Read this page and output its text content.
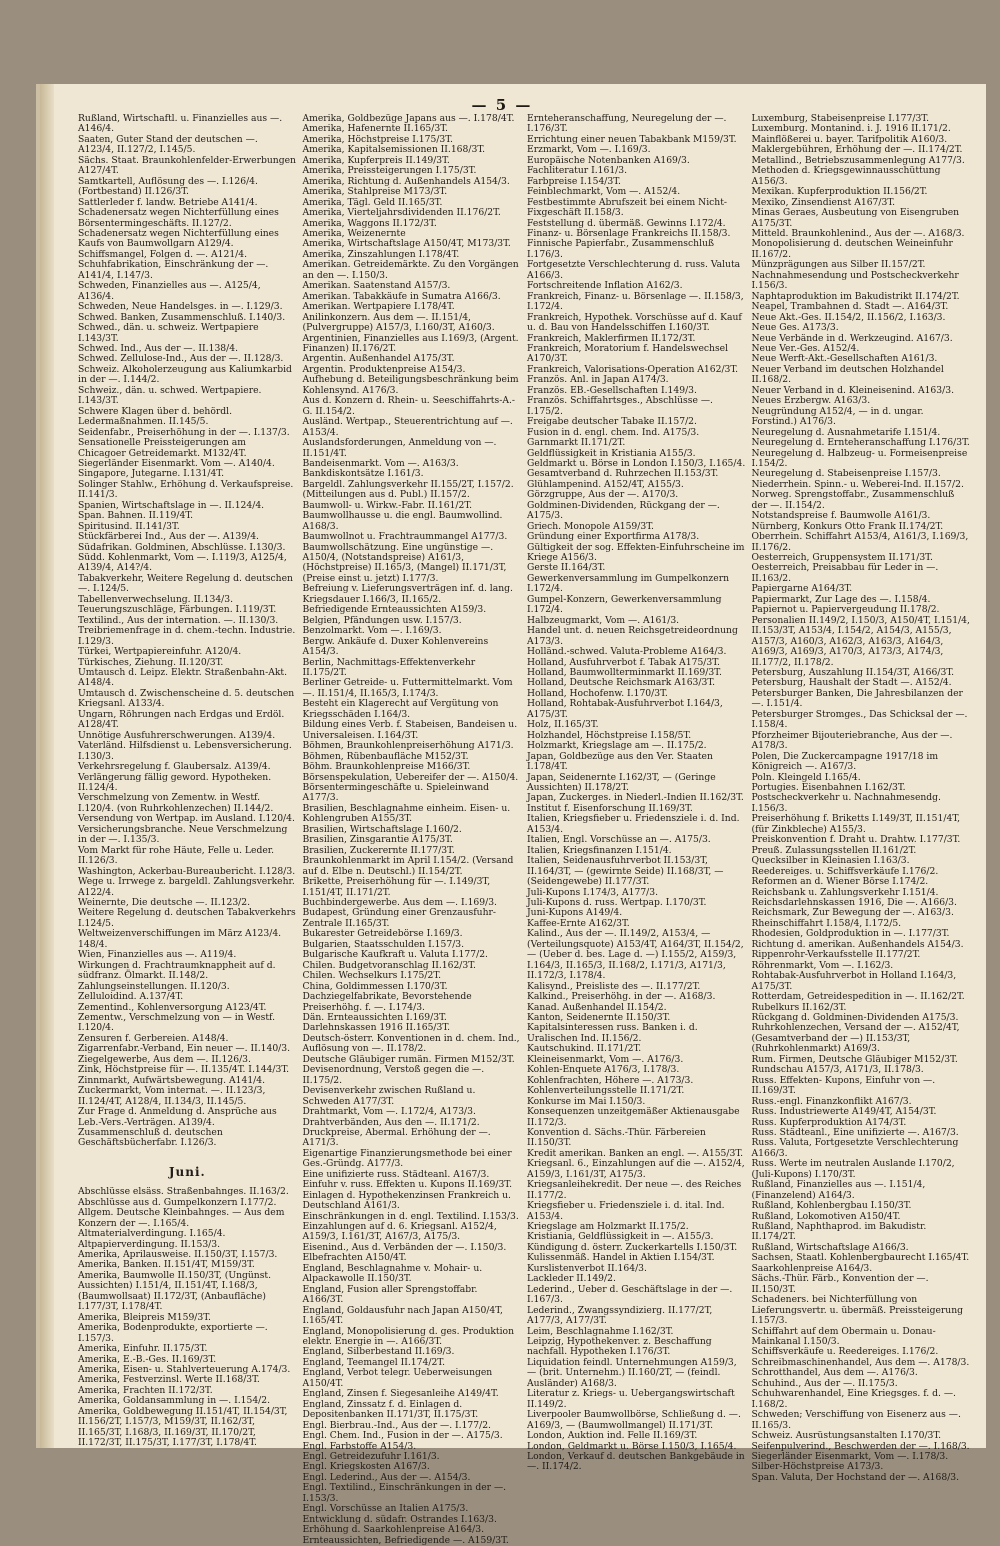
— 5 —

Rußland, Wirtschaftl. u. Finanzielles aus —. A146/4.

Saaten, Guter Stand der deutschen —. A123/4, II.127/2, I.145/5.

Sächs. Staat. Braunkohlenfelder-Erwerbungen A127/4T.

Samtkartell, Auflösung des —. I.126/4. (Fortbestand) II.126/3T.

Sattlerleder f. landw. Betriebe A141/4.

Schadenersatz wegen Nichterfüllung eines Börsentermingeschäfts. II.127/2.

Schadenersatz wegen Nichterfüllung eines Kaufs von Baumwollgarn A129/4.

Schiffsmangel, Folgen d. —. A121/4.

Schuhfabrikation, Einschränkung der —. A141/4, I.147/3.

Schweden, Finanzielles aus —. A125/4, A136/4.

Schweden, Neue Handelsges. in —. I.129/3.

Schwed. Banken, Zusammenschluß. I.140/3.

Schwed., dän. u. schweiz. Wertpapiere I.143/3T.

Schwed. Ind., Aus der —. II.138/4.

Schwed. Zellulose-Ind., Aus der —. II.128/3.

Schweiz. Alkoholerzeugung aus Kaliumkarbid in der —. I.144/2.

Schweiz., dän. u. schwed. Wertpapiere. I.143/3T.

Schwere Klagen über d. behördl. Ledermaßnahmen. II.145/5.

Seidenfabr., Preiserhöhung in der —. I.137/3.

Sensationelle Preissteigerungen am Chicagoer Getreidemarkt. M132/4T.

Siegerländer Eisenmarkt. Vom —. A140/4.

Singapore, Jutegarne. I.131/4T.

Solinger Stahlw., Erhöhung d. Verkaufspreise. II.141/3.

Spanien, Wirtschaftslage in —. II.124/4.

Span. Bahnen. II.119/4T.

Spiritusind. II.141/3T.

Stückfärberei Ind., Aus der —. A139/4.

Südafrikan. Goldminen, Abschlüsse. I.130/3.

Südd. Kohlenmarkt, Vom —. I.119/3, A125/4, A139/4, A14?/4.

Tabakverkehr, Weitere Regelung d. deutschen —. I.124/5.

Tabellenverwechselung. II.134/3.

Teuerungszuschläge, Färbungen. I.119/3T.

Textilind., Aus der internation. —. II.130/3.

Treibriemenfrage in d. chem.-techn. Industrie. I.129/3.

Türkei, Wertpapiereinfuhr. A120/4.

Türkisches, Ziehung. II.120/3T.

Umtausch d. Leipz. Elektr. Straßenbahn-Akt. A148/4.

Umtausch d. Zwischenscheine d. 5. deutschen Kriegsanl. A133/4.

Ungarn, Röhrungen nach Erdgas und Erdöl. A128/4T.

Unnötige Ausfuhrerschwerungen. A139/4.

Vaterländ. Hilfsdienst u. Lebensversicherung. I.130/3.

Verkehrsregelung f. Glaubersalz. A139/4.

Verlängerung fällig geword. Hypotheken. II.124/4.

Verschmelzung von Zementw. in Westf. I.120/4. (von Ruhrkohlenzechen) II.144/2.

Versendung von Wertpap. im Ausland. I.120/4.

Versicherungsbranche. Neue Verschmelzung in der —. I.135/3.

Vom Markt für rohe Häute, Felle u. Leder. II.126/3.

Washington, Ackerbau-Bureaubericht. I.128/3.

Wege u. Irrwege z. bargeldl. Zahlungsverkehr. A122/4.

Weinernte, Die deutsche —. II.123/2.

Weitere Regelung d. deutschen Tabakverkehrs I.124/5.

Weltweizenverschiffungen im März A123/4. 148/4.

Wien, Finanzielles aus —. A119/4.

Wirkungen d. Frachtraumknappheit auf d. südfranz. Ölmarkt. II.148/2.

Zahlungseinstellungen. II.120/3.

Zelluloidind. A.137/4T.

Zementind., Kohlenversorgung A123/4T.

Zementw., Verschmelzung von — in Westf. I.120/4.

Zensuren f. Gerbereien. A148/4.

Zigarrenfabr.-Verband, Ein neuer —. II.140/3.

Ziegelgewerbe, Aus dem —. II.126/3.

Zink, Höchstpreise für —. II.135/4T. I.144/3T.

Zinnmarkt, Aufwärtsbewegung. A141/4.

Zuckermarkt, Vom internat. —. II.123/3, II.124/4T, A128/4, II.134/3, II.145/5.

Zur Frage d. Anmeldung d. Ansprüche aus Leb.-Vers.-Verträgen. A139/4.

Zusammenschluß d. deutschen Geschäftsbücherfabr. I.126/3.

Juni.

Abschlüsse elsäss. Straßenbahnges. II.163/2.

Abschlüsse aus d. Gumpelkonzern I.177/2.

Allgem. Deutsche Kleinbahnges. — Aus dem Konzern der —. I.165/4.

Altmaterialverdingung. I.165/4.

Altpapierverdingung. II.153/3.

Amerika, Aprilausweise. II.150/3T, I.157/3.

Amerika, Banken. II.151/4T, M159/3T.

Amerika, Baumwolle II.150/3T, (Ungünst. Aussichten) I.151/4, II.151/4T, I.168/3, (Baumwollsaat) II.172/3T, (Anbaufläche) I.177/3T, I.178/4T.

Amerika, Bleipreis M159/3T.

Amerika, Bodenprodukte, exportierte —. I.157/3.

Amerika, Einfuhr. II.175/3T.

Amerika, E.-B.-Ges. II.169/3T.

Amerika, Eisen- u. Stahlverteuerung A.174/3.

Amerika, Festverzinsl. Werte II.168/3T.

Amerika, Frachten II.172/3T.

Amerika, Goldansammlung in —. I.154/2.

Amerika, Goldbewegung II.151/4T, II.154/3T, II.156/2T, I.157/3, M159/3T, II.162/3T, II.165/3T, I.168/3, II.169/3T, II.170/2T, II.172/3T, II.175/3T, I.177/3T, I.178/4T.

Amerika, Goldbezüge Japans aus —. I.178/4T.

Amerika, Hafenernte II.165/3T.

Amerika, Höchstpreise I.175/3T.

Amerika, Kapitalsemissionen II.168/3T.

Amerika, Kupferpreis II.149/3T.

Amerika, Preissteigerungen I.175/3T.

Amerika, Richtung d. Außenhandels A154/3.

Amerika, Stahlpreise M173/3T.

Amerika, Tägl. Geld II.165/3T.

Amerika, Vierteljahrsdividenden II.176/2T.

Amerika, Waggons II.172/3T.

Amerika, Weizenernte

Amerika, Wirtschaftslage A150/4T, M173/3T.

Amerika, Zinszahlungen I.178/4T.

Amerikan. Getreidemärkte. Zu den Vorgängen an den —. I.150/3.

Amerikan. Saatenstand A157/3.

Amerikan. Tabakkäufe in Sumatra A166/3.

Amerikan. Wertpapiere I.178/4T.

Anilinkonzern. Aus dem —. II.151/4, (Pulvergruppe) A157/3, I.160/3T, A160/3.

Argentinien, Finanzielles aus I.169/3, (Argent. Finanzen) II.176/2T.

Argentin. Außenhandel A175/3T.

Argentin. Produktenpreise A154/3.

Aufhebung d. Beteiligungsbeschränkung beim Kohlensynd. A176/3.

Aus d. Konzern d. Rhein- u. Seeschiffahrts-A.-G. II.154/2.

Ausländ. Wertpap., Steuerentrichtung auf —. A153/4.

Auslandsforderungen, Anmeldung von —. II.151/4T.

Bandeisenmarkt. Vom —. A163/3.

Bankdiskontsätze I.161/3.

Bargeldl. Zahlungsverkehr II.155/2T, I.157/2. (Mitteilungen aus d. Publ.) II.157/2.

Baumwoll- u. Wirkw.-Fabr. II.161/2T.

Baumwollhausse u. die engl. Baumwollind. A168/3.

Baumwollnot u. Frachtraummangel A177/3.

Baumwollschätzung. Eine ungünstige —. A150/4, (Notstandspreise) A161/3, (Höchstpreise) II.165/3, (Mangel) II.171/3T, (Preise einst u. jetzt) I.177/3.

Befreiung v. Lieferungsverträgen inf. d. lang. Kriegsdauer I.166/3, II.165/2.

Befriedigende Ernteaussichten A159/3.

Belgien, Pfändungen usw. I.157/3.

Benzolmarkt. Vom —. I.169/3.

Bergw. Ankäufe d. Duxer Kohlenvereins A154/3.

Berlin, Nachmittags-Effektenverkehr II.175/2T.

Berliner Getreide- u. Futtermittelmarkt. Vom —. II.151/4, II.165/3, I.174/3.

Besteht ein Klagerecht auf Vergütung von Kriegsschäden I.164/3.

Bildung eines Verb. f. Stabeisen, Bandeisen u. Universaleisen. I.164/3T.

Böhmen, Braunkohlenpreiserhöhung A171/3.

Böhmen, Rübenbaufläche M152/3T.

Böhm. Braunkohlenpreise M166/3T.

Börsenspekulation, Uebereifer der —. A150/4.

Börsentermingeschäfte u. Spieleinwand A177/3.

Brasilien, Beschlagnahme einheim. Eisen- u. Kohlengruben A155/3T.

Brasilien, Wirtschaftslage I.160/2.

Brasilien, Zinsgarantie A175/3T.

Brasilien, Zuckerernte II.177/3T.

Braunkohlenmarkt im April I.154/2. (Versand auf d. Elbe n. Deutschl.) II.154/2T.

Brikette, Preiserhöhung für —. I.149/3T, I.151/4T, II.171/2T.

Buchbindergewerbe. Aus dem —. I.169/3.

Budapest, Gründung einer Grenzausfuhr-Zentrale II.165/3T.

Bukarester Getreidebörse I.169/3.

Bulgarien, Staatsschulden I.157/3.

Bulgarische Kaufkraft u. Valuta I.177/2.

Chilen. Budgetvoranschlag II.162/3T.

Chilen. Wechselkurs I.175/2T.

China, Goldimmessen I.170/3T.

Dachziegelfabrikate, Bevorstehende Preiserhöhg. f. —. I.174/3.

Dän. Ernteaussichten I.169/3T.

Darlehnskassen 1916 II.165/3T.

Deutsch-österr. Konventionen in d. chem. Ind., Auflösung von —. II.178/2.

Deutsche Gläubiger rumän. Firmen M152/3T.

Devisenordnung, Verstoß gegen die —. II.175/2.

Devisenverkehr zwischen Rußland u. Schweden A177/3T.

Drahtmarkt, Vom —. I.172/4, A173/3.

Drahtverbänden, Aus den —. II.171/2.

Druckpreise, Abermal. Erhöhung der —. A171/3.

Eigenartige Finanzierungsmethode bei einer Ges.-Gründg. A177/3.

Eine unifizierte russ. Städteanl. A167/3.

Einfuhr v. russ. Effekten u. Kupons II.169/3T.

Einlagen d. Hypothekenzinsen Frankreich u. Deutschland A161/3.

Einschränkungen in d. engl. Textilind. I.153/3.

Einzahlungen auf d. 6. Kriegsanl. A152/4, A159/3, I.161/3T, A167/3, A175/3.

Eisenind., Aus d. Verbänden der —. I.150/3.

Elbefrachten A150/4T.

England, Beschlagnahme v. Mohair- u. Alpackawolle II.150/3T.

England, Fusion aller Sprengstoffabr. A166/3T.

England, Goldausfuhr nach Japan A150/4T, I.165/4T.

England, Monopolisierung d. ges. Produktion elektr. Energie in —. A166/3T.

England, Silberbestand II.169/3.

England, Teemangel II.174/2T.

England, Verbot telegr. Ueberweisungen A150/4T.

England, Zinsen f. Siegesanleihe A149/4T.

England, Zinssatz f. d. Einlagen d. Depositenbanken II.171/3T, II.175/3T.

Engl. Bierbrau.-Ind., Aus der —. I.177/2.

Engl. Chem. Ind., Fusion in der —. A175/3.

Engl. Farbstoffe A154/3.

Engl. Getreidezufuhr I.161/3.

Engl. Kriegskosten A167/3.

Engl. Lederind., Aus der —. A154/3.

Engl. Textilind., Einschränkungen in der —. I.153/3.

Engl. Vorschüsse an Italien A175/3.

Entwicklung d. südafr. Ostrandes I.163/3.

Erhöhung d. Saarkohlenpreise A164/3.

Ernteaussichten, Befriedigende —. A159/3T.

Ernteheranschaffung, Neuregelung der —. I.176/3T.

Errichtung einer neuen Tabakbank M159/3T.

Erzmarkt, Vom —. I.169/3.

Europäische Notenbanken A169/3.

Fachliteratur I.161/3.

Farbpreise I.154/3T.

Feinblechmarkt, Vom —. A152/4.

Festbestimmte Abrufszeit bei einem Nicht-Fixgeschäft II.158/3.

Feststellung d. übermäß. Gewinns I.172/4.

Finanz- u. Börsenlage Frankreichs II.158/3.

Finnische Papierfabr., Zusammenschluß I.176/3.

Fortgesetzte Verschlechterung d. russ. Valuta A166/3.

Fortschreitende Inflation A162/3.

Frankreich, Finanz- u. Börsenlage —. II.158/3, I.172/4.

Frankreich, Hypothek. Vorschüsse auf d. Kauf u. d. Bau von Handelsschiffen I.160/3T.

Frankreich, Maklerfirmen II.172/3T.

Frankreich, Moratorium f. Handelswechsel A170/3T.

Frankreich, Valorisations-Operation A162/3T.

Französ. Anl. in Japan A174/3.

Französ. EB.-Gesellschaften I.149/3.

Französ. Schiffahrtsges., Abschlüsse —. I.175/2.

Freigabe deutscher Tabake II.157/2.

Fusion in d. engl. chem. Ind. A175/3.

Garnmarkt II.171/2T.

Geldflüssigkeit in Kristiania A155/3.

Geldmarkt u. Börse in London I.150/3, I.165/4.

Gesamtverband d. Ruhrzechen II.153/3T.

Glühlampenind. A152/4T, A155/3.

Görzgruppe, Aus der —. A170/3.

Goldminen-Dividenden, Rückgang der —. A175/3.

Griech. Monopole A159/3T.

Gründung einer Exportfirma A178/3.

Gültigkeit der sog. Effekten-Einfuhrscheine im Kriege A156/3.

Gerste II.164/3T.

Gewerkenversammlung im Gumpelkonzern I.172/4.

Gumpel-Konzern, Gewerkenversammlung I.172/4.

Halbzeugmarkt, Vom —. A161/3.

Handel unt. d. neuen Reichsgetreideordnung A173/3.

Holländ.-schwed. Valuta-Probleme A164/3.

Holland, Ausfuhrverbot f. Tabak A175/3T.

Holland, Baumwollterminmarkt II.169/3T.

Holland, Deutsche Reichsmark A163/3T.

Holland, Hochofenw. I.170/3T.

Holland, Rohtabak-Ausfuhrverbot I.164/3, A175/3T.

Holz, II.165/3T.

Holzhandel, Höchstpreise I.158/5T.

Holzmarkt, Kriegslage am —. II.175/2.

Japan, Goldbezüge aus den Ver. Staaten I.178/4T.

Japan, Seidenernte I.162/3T, — (Geringe Aussichten) II.178/2T.

Japan, Zuckerges. in Niederl.-Indien II.162/3T.

Institut f. Eisenforschung II.169/3T.

Italien, Kriegsfieber u. Friedensziele i. d. Ind. A153/4.

Italien, Engl. Vorschüsse an —. A175/3.

Italien, Kriegsfinanzen I.151/4.

Italien, Seidenausfuhrverbot II.153/3T, II.164/3T, — (gewirnte Seide) II.168/3T, — (Seidengewebe) II.177/3T.

Juli-Kupons I.174/3, A177/3.

Juli-Kupons d. russ. Wertpap. I.170/3T.

Juni-Kupons A149/4.

Kaffee-Ernte A162/3T.

Kalind., Aus der —. II.149/2, A153/4, — (Verteilungsquote) A153/4T, A164/3T, II.154/2, — (Ueber d. bes. Lage d. —) I.155/2, A159/3, I.164/3, II.165/3, II.168/2, I.171/3, A171/3, II.172/3, I.178/4.

Kalisynd., Preisliste des —. II.177/2T.

Kalkind., Preiserhöhg. in der —. A168/3.

Kanad. Außenhandel II.154/2.

Kanton, Seidenernte II.150/3T.

Kapitalsinteressen russ. Banken i. d. Uralischen Ind. II.156/2.

Kautschukind. II.171/2T.

Kleineisenmarkt, Vom —. A176/3.

Kohlen-Enquete A176/3, I.178/3.

Kohlenfrachten, Höhere —. A173/3.

Kohlenverteilungsstelle II.171/2T.

Konkurse im Mai I.150/3.

Konsequenzen unzeitgemäßer Aktienausgabe II.172/3.

Konvention d. Sächs.-Thür. Färbereien II.150/3T.

Kredit amerikan. Banken an engl. —. A155/3T.

Kriegsanl. 6., Einzahlungen auf die —. A152/4, A159/3, I.161/3T, A175/3.

Kriegsanleihekredit. Der neue —. des Reiches II.177/2.

Kriegsfieber u. Friedensziele i. d. ital. Ind. A153/4.

Kriegslage am Holzmarkt II.175/2.

Kristiania, Geldflüssigkeit in —. A155/3.

Kündigung d. österr. Zuckerkartells I.150/3T.

Kulissenmäß. Handel in Aktien I.154/3T.

Kurslistenverbot II.164/3.

Lackleder II.149/2.

Lederind., Ueber d. Geschäftslage in der —. I.167/3.

Lederind., Zwangssyndizierg. II.177/2T, A177/3, A177/3T.

Leim, Beschlagnahme I.162/3T.

Leipzig, Hypothekenver. z. Beschaffung nachfall. Hypotheken I.176/3T.

Liquidation feindl. Unternehmungen A159/3, — (brit. Unternehm.) II.160/2T, — (feindl. Ausländer) A168/3.

Literatur z. Kriegs- u. Uebergangswirtschaft II.149/2.

Liverpooler Baumwollbörse, Schließung d. —. A169/3, — (Baumwollmangel) II.171/3T.

London, Auktion ind. Felle II.169/3T.

London, Geldmarkt u. Börse I.150/3, I.165/4.

London, Verkauf d. deutschen Bankgebäude in —. II.174/2.

Luxemburg, Stabeisenpreise I.177/3T.

Luxemburg. Montanind. i. J. 1916 II.171/2.

Mainflößerei u. bayer. Tarifpolitik A160/3.

Maklergebühren, Erhöhung der —. II.174/2T.

Metallind., Betriebszusammenlegung A177/3.

Methoden d. Kriegsgewinnausschüttung A156/3.

Mexikan. Kupferproduktion II.156/2T.

Mexiko, Zinsendienst A167/3T.

Minas Geraes, Ausbeutung von Eisengruben A175/3T.

Mitteld. Braunkohlenind., Aus der —. A168/3.

Monopolisierung d. deutschen Weineinfuhr II.167/2.

Münzprägungen aus Silber II.157/2T.

Nachnahmesendung und Postscheckverkehr I.156/3.

Naphtaproduktion im Bakudistrikt II.174/2T.

Neapel, Trambahnen d. Stadt —. A164/3T.

Neue Akt.-Ges. II.154/2, II.156/2, I.163/3.

Neue Ges. A173/3.

Neue Verbände in d. Werkzeugind. A167/3.

Neue Ver.-Ges. A152/4.

Neue Werft-Akt.-Gesellschaften A161/3.

Neuer Verband im deutschen Holzhandel II.168/2.

Neuer Verband in d. Kleineisenind. A163/3.

Neues Erzbergw. A163/3.

Neugründung A152/4, — in d. ungar. Forstind.) A176/3.

Neuregelung d. Ausnahmetarife I.151/4.

Neuregelung d. Ernteheranschaffung I.176/3T.

Neuregelung d. Halbzeug- u. Formeisenpreise I.154/2.

Neuregelung d. Stabeisenpreise I.157/3.

Niederrhein. Spinn.- u. Weberei-Ind. II.157/2.

Norweg. Sprengstoffabr., Zusammenschluß der —. II.154/2.

Notstandspreise f. Baumwolle A161/3.

Nürnberg, Konkurs Otto Frank II.174/2T.

Oberrhein. Schiffahrt A153/4, A161/3, I.169/3, II.176/2.

Oesterreich, Gruppensystem II.171/3T.

Oesterreich, Preisabbau für Leder in —. II.163/2.

Papiergarne A164/3T.

Papiermarkt, Zur Lage des —. I.158/4.

Papiernot u. Papiervergeudung II.178/2.

Personalien II.149/2, I.150/3, A150/4T, I.151/4, II.153/3T, A153/4, I.154/2, A154/3, A155/3, A157/3, A160/3, A162/3, A163/3, A164/3, A169/3, A169/3, A170/3, A173/3, A174/3, II.177/2, II.178/2.

Petersburg, Auszahlung II.154/3T, A166/3T.

Petersburg, Haushalt der Stadt —. A152/4.

Petersburger Banken, Die Jahresbilanzen der —. I.151/4.

Petersburger Stromges., Das Schicksal der —. I.158/4.

Pforzheimer Bijouteriebranche, Aus der —. A178/3.

Polen, Die Zuckercampagne 1917/18 im Königreich —. A167/3.

Poln. Kleingeld I.165/4.

Portugies. Eisenbahnen I.162/3T.

Postscheckverkehr u. Nachnahmesendg. I.156/3.

Preiserhöhung f. Briketts I.149/3T, II.151/4T, (für Zinkbleche) A155/3.

Preiskonvention f. Draht u. Drahtw. I.177/3T.

Preuß. Zulassungsstellen II.161/2T.

Quecksilber in Kleinasien I.163/3.

Reedereiges. u. Schiffsverkäufe I.176/2.

Reformen an d. Wiener Börse I.174/2.

Reichsbank u. Zahlungsverkehr I.151/4.

Reichsdarlehnskassen 1916, Die —. A166/3.

Reichsmark, Zur Bewegung der —. A163/3.

Rheinschiffahrt I.158/4, I.172/5.

Rhodesien, Goldproduktion in —. I.177/3T.

Richtung d. amerikan. Außenhandels A154/3.

Rippenrohr-Verkaufsstelle II.177/2T.

Röhrenmarkt, Vom —. I.162/3.

Rohtabak-Ausfuhrverbot in Holland I.164/3, A175/3T.

Rotterdam, Getreidespedition in —. II.162/2T.

Rubelkurs II.162/3T.

Rückgang d. Goldminen-Dividenden A175/3.

Ruhrkohlenzechen, Versand der —. A152/4T, (Gesamtverband der —) II.153/3T, (Ruhrkohlenmarkt) A169/3.

Rum. Firmen, Deutsche Gläubiger M152/3T.

Rundschau A157/3, A171/3, II.178/3.

Russ. Effekten- Kupons, Einfuhr von —. II.169/3T.

Russ.-engl. Finanzkonflikt A167/3.

Russ. Industriewerte A149/4T, A154/3T.

Russ. Kupferproduktion A174/3T.

Russ. Städteanl., Eine unifizierte —. A167/3.

Russ. Valuta, Fortgesetzte Verschlechterung A166/3.

Russ. Werte im neutralen Auslande I.170/2, (Juli-Kupons) I.170/3T.

Rußland, Finanzielles aus —. I.151/4, (Finanzelend) A164/3.

Rußland, Kohlenbergbau I.150/3T.

Rußland, Lokomotiven A150/4T.

Rußland, Naphthaprod. im Bakudistr. II.174/2T.

Rußland, Wirtschaftslage A166/3.

Sachsen, Staatl. Kohlenbergbaurecht I.165/4T.

Saarkohlenpreise A164/3.

Sächs.-Thür. Färb., Konvention der —. II.150/3T.

Schadeners. bei Nichterfüllung von Lieferungsvertr. u. übermäß. Preissteigerung I.157/3.

Schiffahrt auf dem Obermain u. Donau-Mainkanal I.150/3.

Schiffsverkäufe u. Reedereiges. I.176/2.

Schreibmaschinenhandel, Aus dem —. A178/3.

Schrotthandel, Aus dem —. A176/3.

Schuhind., Aus der —. II.175/3.

Schuhwarenhandel, Eine Kriegsges. f. d. —. I.168/2.

Schweden; Verschiffung von Eisenerz aus —. II.165/3.

Schweiz. Ausrüstungsanstalten I.170/3T.

Seifenpulverind., Beschwerden der —. I.168/3.

Siegerländer Eisenmarkt, Vom —. I.178/3.

Silber-Höchstpreise A173/3.

Span. Valuta, Der Hochstand der —. A168/3.
